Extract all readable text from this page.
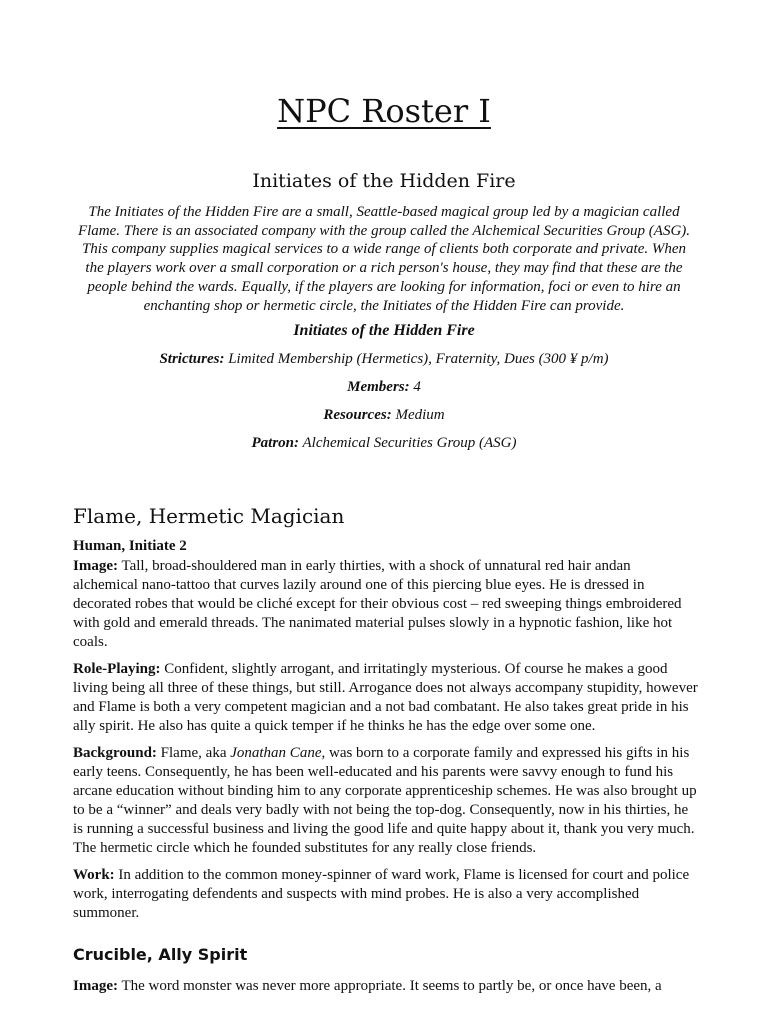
NPC Roster I
Initiates of the Hidden Fire

The Initiates of the Hidden Fire are a small, Seattle-based magical group led by a magician called Flame. There is an associated company with the group called the Alchemical Securities Group (ASG). This company supplies magical services to a wide range of clients both corporate and private. When the players work over a small corporation or a rich person's house, they may find that these are the people behind the wards. Equally, if the players are looking for information, foci or even to hire an enchanting shop or hermetic circle, the Initiates of the Hidden Fire can provide.

Initiates of the Hidden Fire

Strictures: Limited Membership (Hermetics), Fraternity, Dues (300 ¥ p/m)

Members: 4

Resources: Medium

Patron: Alchemical Securities Group (ASG)

Flame, Hermetic Magician

Human, Initiate 2

Image: Tall, broad-shouldered man in early thirties, with a shock of unnatural red hair andan alchemical nano-tattoo that curves lazily around one of this piercing blue eyes. He is dressed in decorated robes that would be cliché except for their obvious cost – red sweeping things embroidered with gold and emerald threads. The nanimated material pulses slowly in a hypnotic fashion, like hot coals.

Role-Playing: Confident, slightly arrogant, and irritatingly mysterious. Of course he makes a good living being all three of these things, but still. Arrogance does not always accompany stupidity, however and Flame is both a very competent magician and a not bad combatant. He also takes great pride in his ally spirit. He also has quite a quick temper if he thinks he has the edge over some one.

Background: Flame, aka Jonathan Cane, was born to a corporate family and expressed his gifts in his early teens. Consequently, he has been well-educated and his parents were savvy enough to fund his arcane education without binding him to any corporate apprenticeship schemes. He was also brought up to be a “winner” and deals very badly with not being the top-dog. Consequently, now in his thirties, he is running a successful business and living the good life and quite happy about it, thank you very much. The hermetic circle which he founded substitutes for any really close friends.

Work: In addition to the common money-spinner of ward work, Flame is licensed for court and police work, interrogating defendents and suspects with mind probes. He is also a very accomplished summoner.

Crucible, Ally Spirit

Image: The word monster was never more appropriate. It seems to partly be, or once have been, a
